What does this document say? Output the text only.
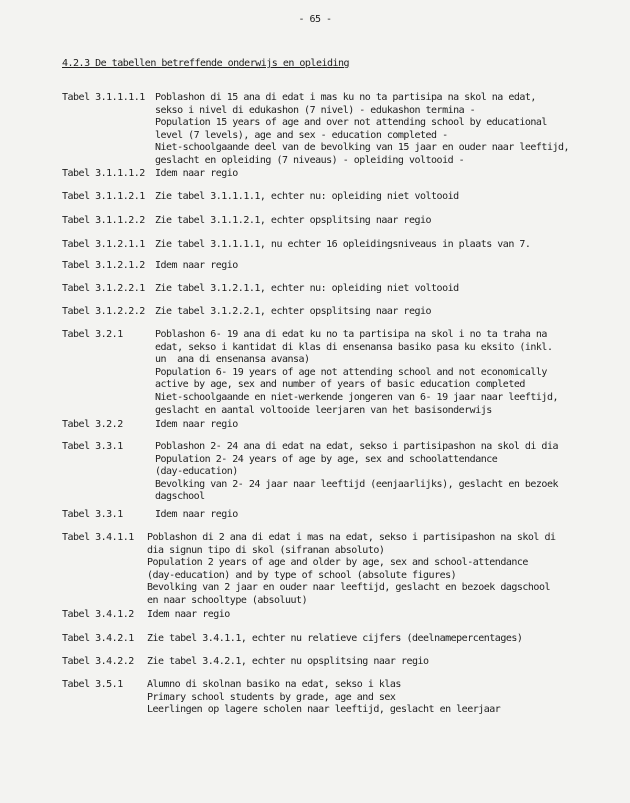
- 65 -
4.2.3 De tabellen betreffende onderwijs en opleiding
Tabel 3.1.1.1.1 Poblashon di 15 ana di edat i mas ku no ta partisipa na skol na edat,
sekso i nivel di edukashon (7 nivel) - edukashon termina -
Population 15 years of age and over not attending school by educational
level (7 levels), age and sex - education completed -
Niet-schoolgaande deel van de bevolking van 15 jaar en ouder naar leeftijd,
geslacht en opleiding (7 niveaus) - opleiding voltooid -
Tabel 3.1.1.1.2 Idem naar regio
Tabel 3.1.1.2.1 Zie tabel 3.1.1.1.1, echter nu: opleiding niet voltooid
Tabel 3.1.1.2.2 Zie tabel 3.1.1.2.1, echter opsplitsing naar regio
Tabel 3.1.2.1.1 Zie tabel 3.1.1.1.1, nu echter 16 opleidingsniveaus in plaats van 7.
Tabel 3.1.2.1.2 Idem naar regio
Tabel 3.1.2.2.1 Zie tabel 3.1.2.1.1, echter nu: opleiding niet voltooid
Tabel 3.1.2.2.2 Zie tabel 3.1.2.2.1, echter opsplitsing naar regio
Tabel 3.2.1	Poblashon 6- 19 ana di edat ku no ta partisipa na skol i no ta traha na
edat, sekso i kantidat di klas di ensenansa basiko pasa ku eksito (inkl.
un  ana di ensenansa avansa)
Population 6- 19 years of age not attending school and not economically
active by age, sex and number of years of basic education completed
Niet-schoolgaande en niet-werkende jongeren van 6- 19 jaar naar leeftijd,
geslacht en aantal voltooide leerjaren van het basisonderwijs
Tabel 3.2.2	Idem naar regio
Tabel 3.3.1	Poblashon 2- 24 ana di edat na edat, sekso i partisipashon na skol di dia
Population 2- 24 years of age by age, sex and schoolattendance
(day-education)
Bevolking van 2- 24 jaar naar leeftijd (eenjaarlijks), geslacht en bezoek
dagschool
Tabel 3.3.1	Idem naar regio
Tabel 3.4.1.1 Poblashon di 2 ana di edat i mas na edat, sekso i partisipashon na skol di
dia signun tipo di skol (sifranan absoluto)
Population 2 years of age and older by age, sex and school-attendance
(day-education) and by type of school (absolute figures)
Bevolking van 2 jaar en ouder naar leeftijd, geslacht en bezoek dagschool
en naar schooltype (absoluut)
Tabel 3.4.1.2 Idem naar regio
Tabel 3.4.2.1 Zie tabel 3.4.1.1, echter nu relatieve cijfers (deelnamepercentages)
Tabel 3.4.2.2 Zie tabel 3.4.2.1, echter nu opsplitsing naar regio
Tabel 3.5.1 Alumno di skolnan basiko na edat, sekso i klas
Primary school students by grade, age and sex
Leerlingen op lagere scholen naar leeftijd, geslacht en leerjaar
